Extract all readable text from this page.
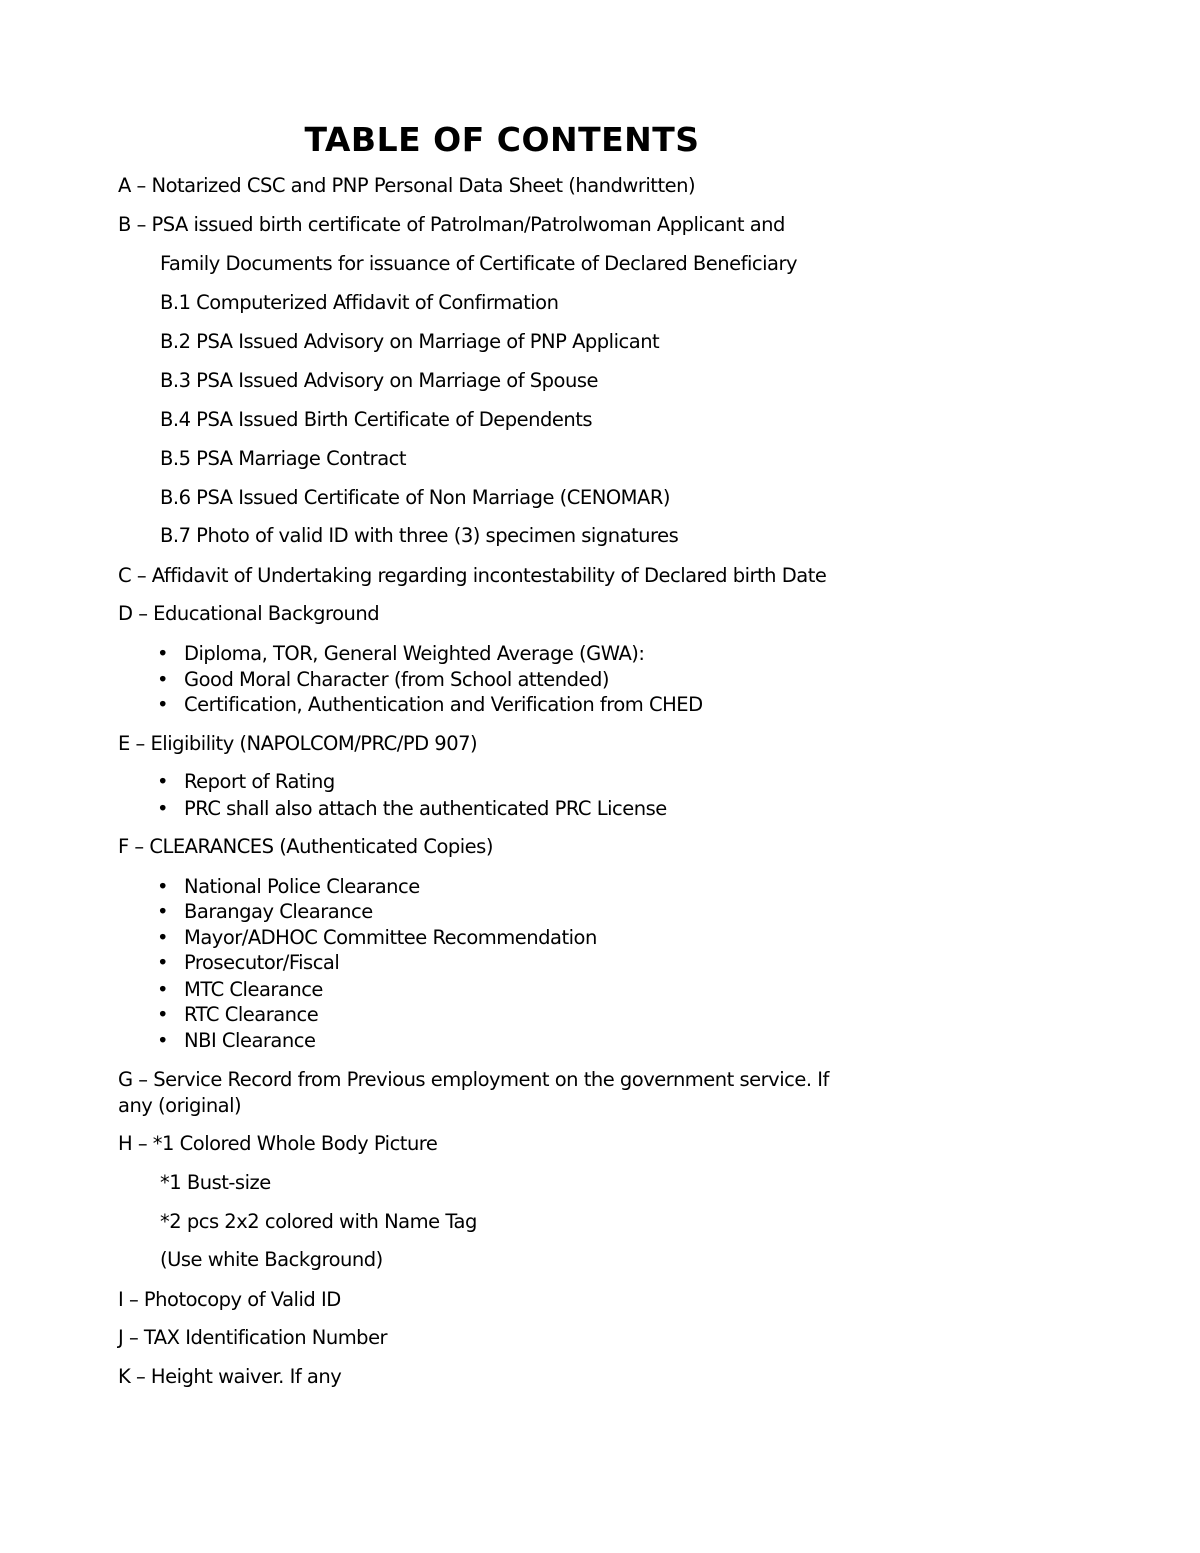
TABLE OF CONTENTS
A – Notarized CSC and PNP Personal Data Sheet (handwritten)
B – PSA issued birth certificate of Patrolman/Patrolwoman Applicant and
Family Documents for issuance of Certificate of Declared Beneficiary
B.1 Computerized Affidavit of Confirmation
B.2 PSA Issued Advisory on Marriage of PNP Applicant
B.3 PSA Issued Advisory on Marriage of Spouse
B.4 PSA Issued Birth Certificate of Dependents
B.5 PSA Marriage Contract
B.6 PSA Issued Certificate of Non Marriage (CENOMAR)
B.7 Photo of valid ID with three (3) specimen signatures
C – Affidavit of Undertaking regarding incontestability of Declared birth Date
D – Educational Background
• Diploma, TOR, General Weighted Average (GWA):
• Good Moral Character (from School attended)
• Certification, Authentication and Verification from CHED
E – Eligibility (NAPOLCOM/PRC/PD 907)
• Report of Rating
• PRC shall also attach the authenticated PRC License
F – CLEARANCES (Authenticated Copies)
• National Police Clearance
• Barangay Clearance
• Mayor/ADHOC Committee Recommendation
• Prosecutor/Fiscal
• MTC Clearance
• RTC Clearance
• NBI Clearance
G – Service Record from Previous employment on the government service. If
any (original)
H – *1 Colored Whole Body Picture
*1 Bust-size
*2 pcs 2x2 colored with Name Tag
(Use white Background)
I – Photocopy of Valid ID
J – TAX Identification Number
K – Height waiver. If any
